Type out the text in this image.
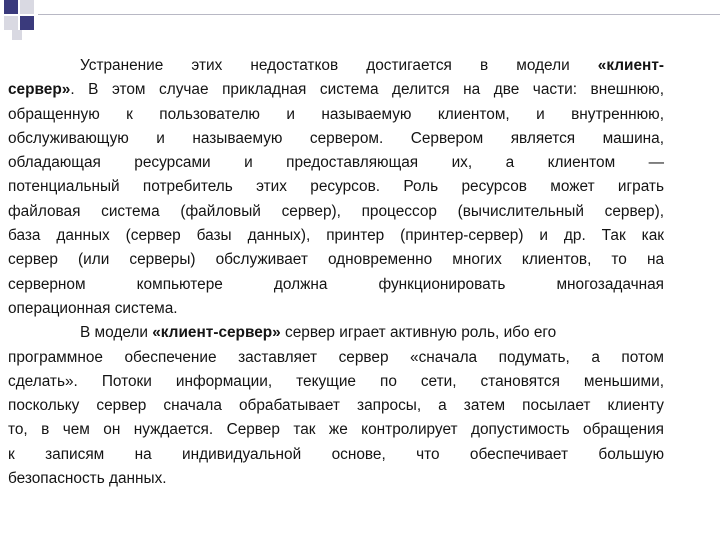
Устранение этих недостатков достигается в модели «клиент-
сервер». В этом случае прикладная система делится на две части: внешнюю,
обращенную к пользователю и называемую клиентом, и внутреннюю,
обслуживающую и называемую сервером. Сервером является машина,
обладающая ресурсами и предоставляющая их, а клиентом —
потенциальный потребитель этих ресурсов. Роль ресурсов может играть
файловая система (файловый сервер), процессор (вычислительный сервер),
база данных (сервер базы данных), принтер (принтер-сервер) и др. Так как
сервер (или серверы) обслуживает одновременно многих клиентов, то на
серверном компьютере должна функционировать многозадачная
операционная система.
В модели «клиент-сервер» сервер играет активную роль, ибо его
программное обеспечение заставляет сервер «сначала подумать, а потом
сделать». Потоки информации, текущие по сети, становятся меньшими,
поскольку сервер сначала обрабатывает запросы, а затем посылает клиенту
то, в чем он нуждается. Сервер так же контролирует допустимость обращения
к записям на индивидуальной основе, что обеспечивает большую
безопасность данных.
